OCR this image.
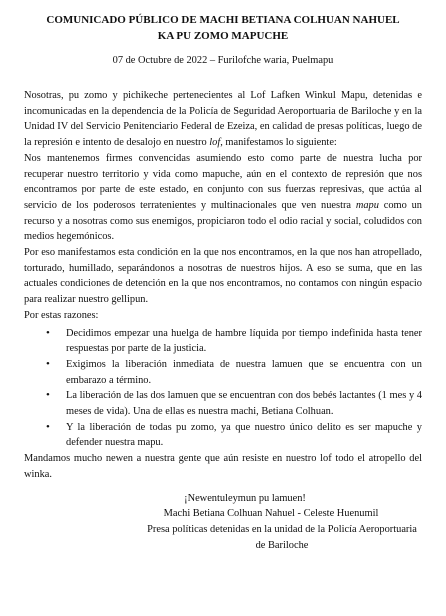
COMUNICADO PÚBLICO DE MACHI BETIANA COLHUAN NAHUEL
KA PU ZOMO MAPUCHE
07 de Octubre de 2022 – Furilofche waria, Puelmapu

Nosotras, pu zomo y pichikeche pertenecientes al Lof Lafken Winkul Mapu, detenidas e incomunicadas en la dependencia de la Policía de Seguridad Aeroportuaria de Bariloche y en la Unidad IV del Servicio Penitenciario Federal de Ezeiza, en calidad de presas políticas, luego de la represión e intento de desalojo en nuestro lof, manifestamos lo siguiente:

Nos mantenemos firmes convencidas asumiendo esto como parte de nuestra lucha por recuperar nuestro territorio y vida como mapuche, aún en el contexto de represión que nos encontramos por parte de este estado, en conjunto con sus fuerzas represivas, que actúa al servicio de los poderosos terratenientes y multinacionales que ven nuestra mapu como un recurso y a nosotras como sus enemigos, propiciaron todo el odio racial y social, coludidos con medios hegemónicos.

Por eso manifestamos esta condición en la que nos encontramos, en la que nos han atropellado, torturado, humillado, separándonos a nosotras de nuestros hijos. A eso se suma, que en las actuales condiciones de detención en la que nos encontramos, no contamos con ningún espacio para realizar nuestro gellipun.

Por estas razones:

• Decidimos empezar una huelga de hambre líquida por tiempo indefinida hasta tener respuestas por parte de la justicia.
• Exigimos la liberación inmediata de nuestra lamuen que se encuentra con un embarazo a término.
• La liberación de las dos lamuen que se encuentran con dos bebés lactantes (1 mes y 4 meses de vida). Una de ellas es nuestra machi, Betiana Colhuan.
• Y la liberación de todas pu zomo, ya que nuestro único delito es ser mapuche y defender nuestra mapu.

Mandamos mucho newen a nuestra gente que aún resiste en nuestro lof todo el atropello del winka.

¡Newentuleymun pu lamuen!
Machi Betiana Colhuan Nahuel - Celeste Huenumil
Presa políticas detenidas en la unidad de la Policía Aeroportuaria de Bariloche
